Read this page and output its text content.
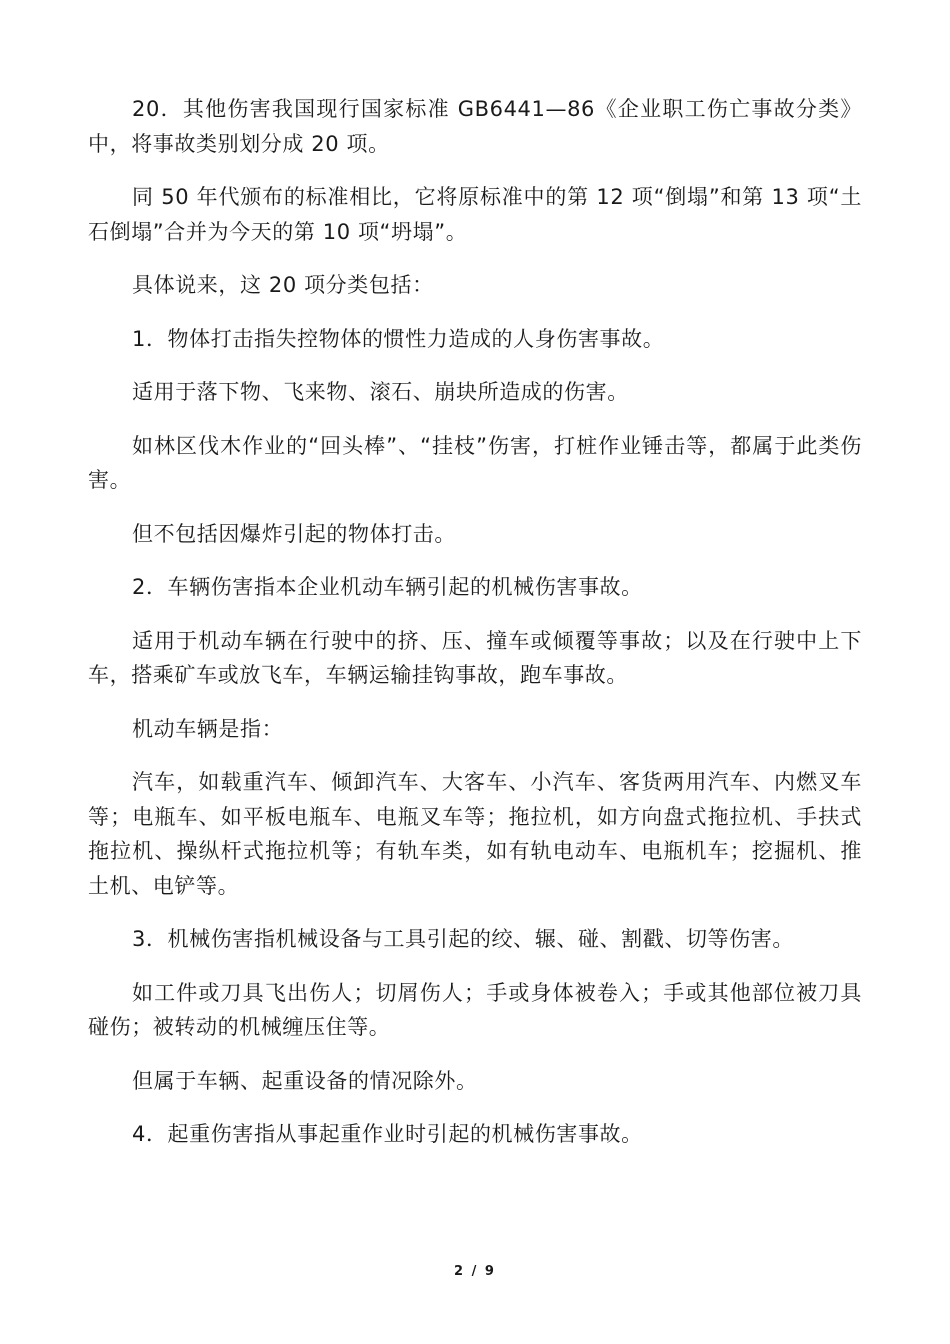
20．其他伤害我国现行国家标准 GB6441—86《企业职工伤亡事故分类》中，将事故类别划分成 20 项。

同 50 年代颁布的标准相比，它将原标准中的第 12 项“倒塌”和第 13 项“土石倒塌”合并为今天的第 10 项“坍塌”。

具体说来，这 20 项分类包括：

1．物体打击指失控物体的惯性力造成的人身伤害事故。

适用于落下物、飞来物、滚石、崩块所造成的伤害。

如林区伐木作业的“回头棒”、“挂枝”伤害，打桩作业锤击等，都属于此类伤害。

但不包括因爆炸引起的物体打击。

2．车辆伤害指本企业机动车辆引起的机械伤害事故。

适用于机动车辆在行驶中的挤、压、撞车或倾覆等事故；以及在行驶中上下车，搭乘矿车或放飞车，车辆运输挂钩事故，跑车事故。

机动车辆是指：

汽车，如载重汽车、倾卸汽车、大客车、小汽车、客货两用汽车、内燃叉车等；电瓶车、如平板电瓶车、电瓶叉车等；拖拉机，如方向盘式拖拉机、手扶式拖拉机、操纵杆式拖拉机等；有轨车类，如有轨电动车、电瓶机车；挖掘机、推土机、电铲等。

3．机械伤害指机械设备与工具引起的绞、辗、碰、割戳、切等伤害。

如工件或刀具飞出伤人；切屑伤人；手或身体被卷入；手或其他部位被刀具碰伤；被转动的机械缠压住等。

但属于车辆、起重设备的情况除外。

4．起重伤害指从事起重作业时引起的机械伤害事故。

2 / 9
